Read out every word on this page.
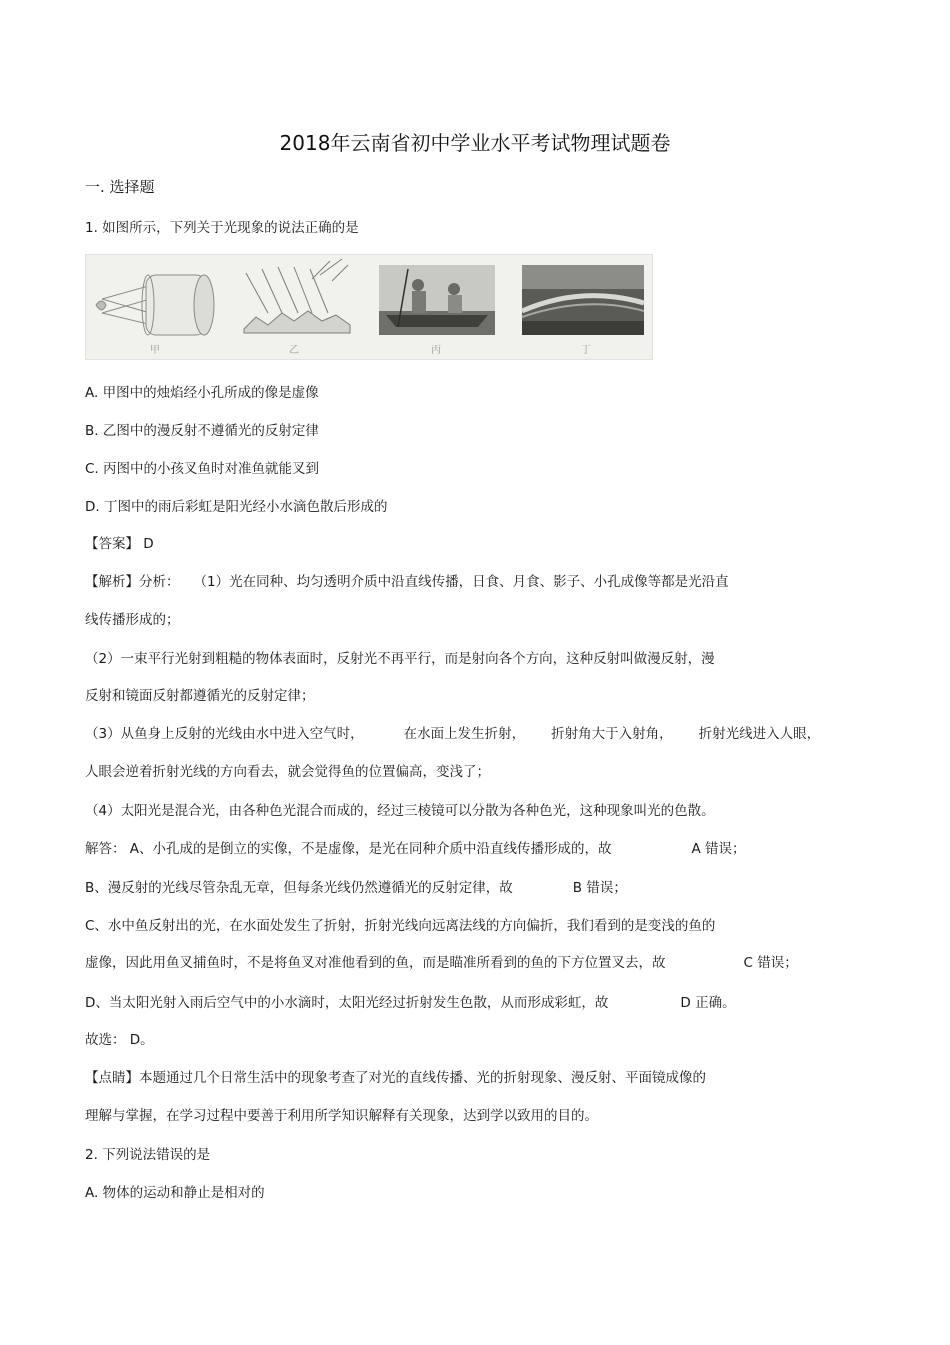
2018年云南省初中学业水平考试物理试题卷
一. 选择题
1. 如图所示，下列关于光现象的说法正确的是
甲	乙	丙	丁
A. 甲图中的烛焰经小孔所成的像是虚像
B. 乙图中的漫反射不遵循光的反射定律
C. 丙图中的小孩叉鱼时对准鱼就能叉到
D. 丁图中的雨后彩虹是阳光经小水滴色散后形成的
【答案】 D
【解析】分析： （1）光在同种、均匀透明介质中沿直线传播，日食、月食、影子、小孔成像等都是光沿直
线传播形成的；
（2）一束平行光射到粗糙的物体表面时，反射光不再平行，而是射向各个方向，这种反射叫做漫反射，漫
反射和镜面反射都遵循光的反射定律；
（3）从鱼身上反射的光线由水中进入空气时，	在水面上发生折射， 折射角大于入射角， 折射光线进入人眼，
人眼会逆着折射光线的方向看去，就会觉得鱼的位置偏高，变浅了；
（4）太阳光是混合光，由各种色光混合而成的，经过三棱镜可以分散为各种色光，这种现象叫光的色散。
解答： A、小孔成的是倒立的实像，不是虚像，是光在同种介质中沿直线传播形成的，故	A 错误；
B、漫反射的光线尽管杂乱无章，但每条光线仍然遵循光的反射定律，故	B 错误；
C、水中鱼反射出的光，在水面处发生了折射，折射光线向远离法线的方向偏折，我们看到的是变浅的鱼的
虚像，因此用鱼叉捕鱼时，不是将鱼叉对准他看到的鱼，而是瞄准所看到的鱼的下方位置叉去，故	C 错误；
D、当太阳光射入雨后空气中的小水滴时，太阳光经过折射发生色散，从而形成彩虹，故	D 正确。
故选： D。
【点睛】本题通过几个日常生活中的现象考查了对光的直线传播、光的折射现象、漫反射、平面镜成像的
理解与掌握，在学习过程中要善于利用所学知识解释有关现象，达到学以致用的目的。
2. 下列说法错误的是
A. 物体的运动和静止是相对的
